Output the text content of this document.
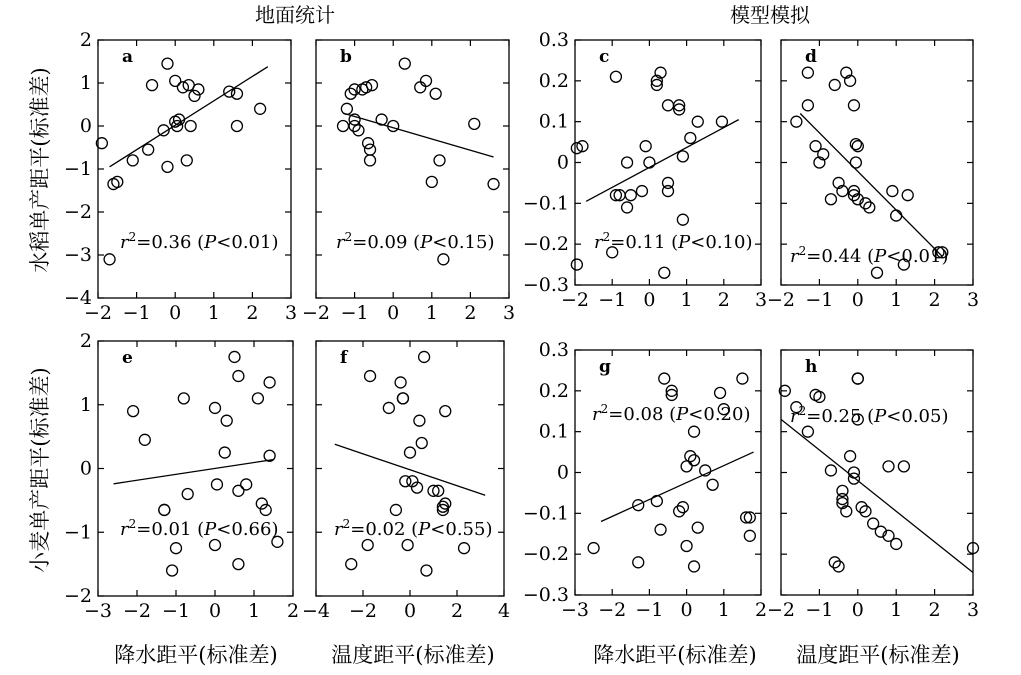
地面统计	模型模拟
水稻单产距平(标准差)
小麦单产距平(标准差)
降水距平(标准差)	温度距平(标准差)	降水距平(标准差) 温度距平(标准差)
−2 −1 0 1 2 3
−4
−3
−2
−1
0
1
2
a
$r^2=0.36$ (P<0.01)
−2 −1 0 1 2 3
b
$r^2=0.09$ (P<0.15)
−2 −1 0 1 2 3
−0.3
−0.2
−0.1
0
0.1
0.2
0.3
c
$r^2=0.11$ (P<0.10)
−2 −1 0 1 2 3
d
$r^2=0.44$ (P<0.01)
−3 −2 −1 0 1 2
−2
−1
0
1
2
e
$r^2=0.01$ (P<0.66)
−4 −2 0 2 4
f
$r^2=0.02$ (P<0.55)
−3 −2 −1 0 1 2
−0.3
−0.2
−0.1
0
0.1
0.2
0.3
g
$r^2=0.08$ (P<0.20)
−2 −1 0 1 2 3
h
$r^2=0.25$ (P<0.05)
